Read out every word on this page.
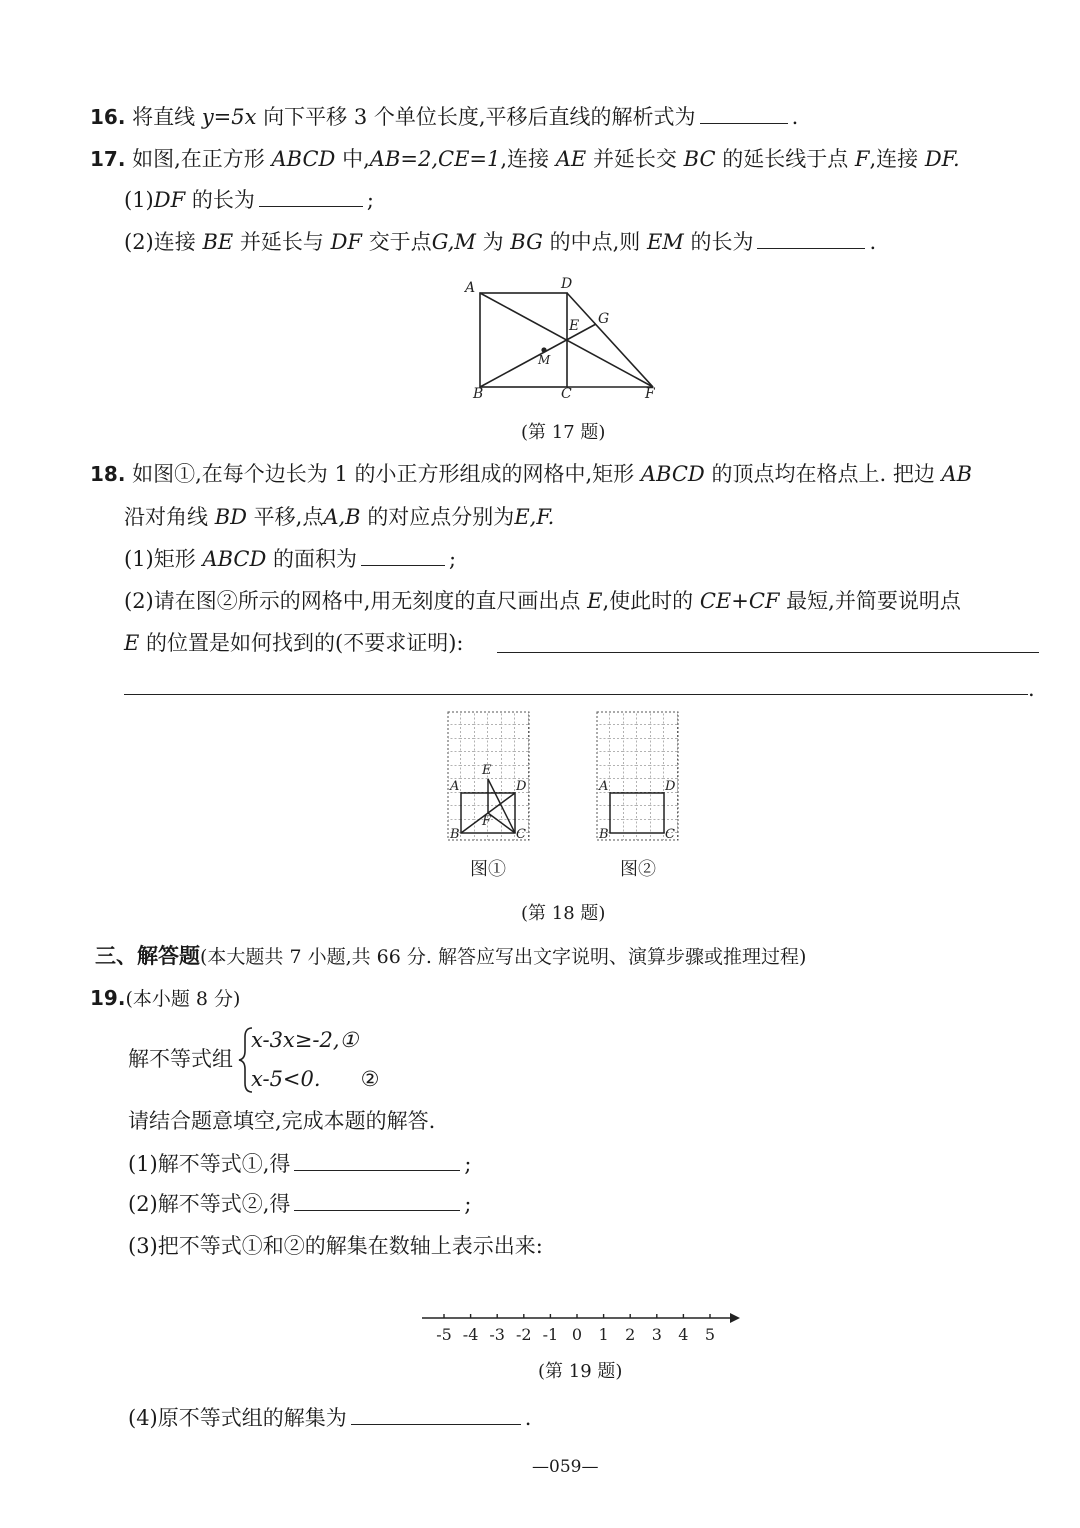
16. 将直线 y=5x 向下平移 3 个单位长度,平移后直线的解析式为	.
17. 如图,在正方形 ABCD 中,AB=2,CE=1,连接 AE 并延长交 BC 的延长线于点 F,连接 DF.
(1)DF 的长为	;
(2)连接 BE 并延长与 DF 交于点G,M 为 BG 的中点,则 EM 的长为	.
A
B	C
D
E
F
G
M
(第 17 题)
18. 如图①,在每个边长为 1 的小正方形组成的网格中,矩形 ABCD 的顶点均在格点上. 把边 AB
沿对角线 BD 平移,点A,B 的对应点分别为E,F.
(1)矩形 ABCD 的面积为	;
(2)请在图②所示的网格中,用无刻度的直尺画出点 E,使此时的 CE+CF 最短,并简要说明点
E 的位置是如何找到的(不要求证明):
.
A
B	C
D
E
F
A
B	C
D
图①	图②
(第 18 题)
三、解答题(本大题共 7 小题,共 66 分. 解答应写出文字说明、演算步骤或推理过程)
19.(本小题 8 分)
解不等式组
x-3x≥-2,①
x-5<0. ②
请结合题意填空,完成本题的解答.
(1)解不等式①,得	;
(2)解不等式②,得	;
(3)把不等式①和②的解集在数轴上表示出来:
-5 -4 -3 -2 -1 0 1 2 3 4 5
(第 19 题)
(4)原不等式组的解集为	.
—059—
